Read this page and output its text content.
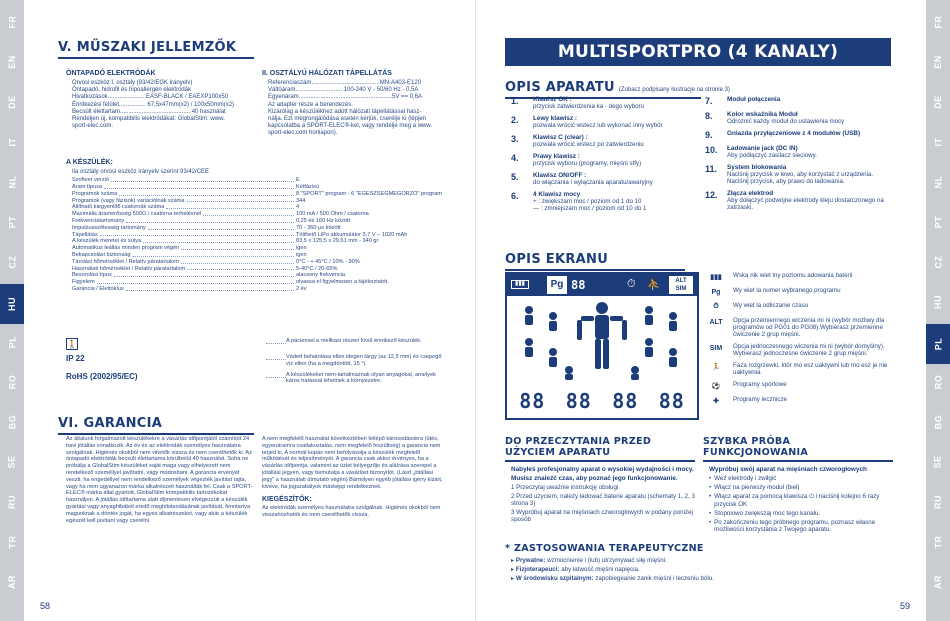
FR
EN
DE
IT
NL
PT
CZ
HU
PL
RO
BG
SE
RU
TR
AR
FR
EN
DE
IT
NL
PT
CZ
HU
PL
RO
BG
SE
RU
TR
AR
V. MŰSZAKI JELLEMZŐK
ÖNTAPADÓ ELEKTRÓDÁK
Orvosi eszköz I. osztály (93/42/EGK irányelv)
Öntapadó, hidrofil és hipoallergén elektródák
Hivatkozások.......................EASF-BLACK / EAEXP100x50
Érintkezési felület................ 67,5x47mm(x2) / 100x50mm(x2)
Becsült élettartam.......................................... 40 használat
Rendeljen új, kompatibilis elektródákat: GlobalStim; www.
sport-elec.com.
II. OSZTÁLYÚ HÁLÓZATI TÁPELLÁTÁS
Referenciaszám.........................................MN-A403-E120
Váltóáram............................ 100-240 V - 50/60 Hz - 0,5A
Egyenáram........................................................5V == 0,6A
Az adapter része a berendezés.
Kizárólag a készülékhez adott hálózati tápellátással hasz-
nálja. Ezt megrongálódása esetén kérjük, cserélje ki (lépjen
kapcsolatba a SPORT-ELEC®-kel, vagy rendelje meg a www.
sport-elec.com honlapon).
A KÉSZÜLÉK:
Ila osztály orvosi eszköz irányelv szerint 93/42/CEE
Szoftver verzió	E
Áram típusa	Kétfázisú
Programok száma	8 "SPORT" program - 6 "EGÉSZSÉGMEGŐRZŐ" program
Programok (vagy fázisok) variációinak száma	344
Állítható kiegyenlítő csatornák száma	4
Maximális áramerősség 500Ω / csatorna terhelésnél	100 mA / 500 Ohm / csatorna
Frekvenciatartomány	0,25 és 160 Hz között
Impulzusszélesség tartomány	70 - 360 μs között
Tápellátás	Tölthető LiPo akkumulátor 3,7 V – 1020 mAh
A készülék méretei és súlya	83,5 x 125,5 x 29,61 mm - 340 gr
Automatikus leállás minden program végén	igen
Bekapcsolási biztonság	igen
Tárolási hőmérséklet / Relatív páratartalom	0°C - + 45°C / 10% - 90%
Használati hőmérséklet / Relatív páratartalom	5-40°C / 20-65%
Besorolási típus	alacsony frekvencia
Figyelem	olvassa el figyelmesen a tájékoztatót.
Garancia / Élettoklus	2 év
🚶	A páciensel a mellkasi részen kívül érintkező készülék.
IP 22	Védett behatolása ellen idegen tárgy (az 12,5 mm) és csepegő víz ellen (ha a megdöntött, 15 °).
RoHS (2002/95/EC)	A készülékeket nem-tartalmaznak olyan anyagokat, amelyek káros hatással lehetnek a környezetre.
VI. GARANCIA
Az általunk forgalmazott készülékekre a vásárlás időpontjától számított 24 havi jótállás vonatkozik. Az év és az elektródák személyes használatra szolgálnak. Higiénés okokból nem vihetők vissza és nem cserélhetők ki. Az öntapadó elektródák becsült élettartama körülbelül 40 használat. Soha ne próbálja a GlobalStim készüléket saját maga vagy elhelyezett nem rendelkező személlyel javíttatni, vagy módosítani. A garancia érvényét veszti, ha engedéllyel nem rendelkező személyek végezték javítást rajta, vagy ha nem ugyanazon márka alkatrészeit használták fel. Csak a SPORT-ELEC® márka által gyártott, GlobalStim kompatibilis tartozékokat használjon. A jótállás idõtartama alatt díjmentesen elvégezzük a készülék gyártási vagy anyaghibából eredő meghibásodásának javítását, fenntartva magunknak a döntés jogát, ha egyes alkatrészeket, vagy akár a készülék egészét kell javítani vagy cserélni.
A nem megfelelő használat következtében fellépő károsodásokra (ütés, egyenáramra csatlakoztatás, nem megfelelő feszültség) a garancia nem terjed ki. A normál kopás nem befolyásolja a készülék megfelelő működését és teljesítményét. A garancia csak akkor érvényes, ha a vásárlás időpontja, valamint az üzlet bélyegzője és aláírása szerepel a jótállási jegyen, vagy bemutatja a vásárlást bizonyítót. (Lásd „jótállási jegy" a használati útmutató végén) Bármilyen egyéb jótállási igény kizárt, kivéve, ha jogszabályok másképp rendelkeznek.
KIEGÉSZÍTŐK:
Az elektródák személyes használatra szolgálnak. Higiénés okokból nem visszahozhatók és nem cserélhetők vissza.
58
MULTISPORTPRO (4 KANALY)
OPIS APARATU (Zobacz podpisany ilustracje na stronie 3)
1.	Klawisz OK :
przycisk zatwierdzenia ka - dego wyboru
2.	Lewy klawisz :
pozwala wrócić wstecz lub wykonać inny wybór
3.	Klawisz C (clear) :
pozwala wrócić wstecz po zatwierdzeniu
4.	Prawy klawisz :
przycisk wyboru (programy, mięśni stfy)
5.	Klawisz ON/OFF :
do włączania i wyłączania aparatu/awaryjny
6.	4 Klawisz mocy
+ : zwiększam moc / poziom od 1 do 10
— : zmniejszam moc / poziom od 10 do 1
7.	Moduł połączenia
8.	Kolor wskaźnika Moduł
Odróżnić każdy moduł do ustawienia mocy
9.	Gniazda przyłączeniowe z 4 modułów (USB)
10.	Ładowanie jack (DC IN)
Aby podłączyć zasilacz sieciowy.
11.	System blokowania
Naciśnij przycisk w lewo, aby korzystać z urządzenia. Naciśnij przycisk, aby prawo do ładowania.
12.	Złącza elektrod
Aby dołączyć podwójne elektrody kleju dostarczonego na zatrzaski.
OPIS EKRANU
▮▮▮	Pg 88	⏱ ⛹	ALT
SIM
88 88 88 88
▮▮▮	Wska nik wiet lny poziomu adowania baterii
Pg	Wy wiet la numer wybranego programu
⏱	Wy wiet la odliczanie czasu
ALT	Opcja przemiennego wiczenia mi ni (wybór możliwy dla programów od PG01 do PG08).Wybierasz przemienne ćwiczenie 2 grup mięśni.
SIM	Opcja jednoczesnego wiczenia mi ni (wybór domyślny). Wybierasz jednoczesne ćwiczenie 2 grup mięśni.
🏃	Faza rozgrzewki, któr mo esz uaktywni lub mo esz je nie uaktywnia
⚽	Programy sportowe
✚	Programy lecznicze
DO PRZECZYTANIA PRZED UŻYCIEM APARATU
Nabyłeś profesjonalny aparat o wysokiej wydajności i mocy.
Musisz znaleźć czas, aby poznać jego funkcjonowanie.
1 Przeczytaj uważnie instrukcję obsługi
2 Przed użyciem, należy ładować baterie aparatu (schematy 1, 2, 3 strona 3)
3 Wypróbuj aparat na mięśniach czworogłowych w podany poniżej sposób
SZYBKA PRÓBA FUNKCJONOWANIA
Wypróbuj swój aparat na mięśniach czworogłowych
• Weź elektrody i zwiłgić
• Włącz na pierwszy moduł (biel)
• Włącz aparat za pomocą klawisza ⏻ i naciśnij kolejno 6 razy przycisk OK
• Stopniowo zwiększaj moc tego kanału.
• Po zakończeniu tego próbnego programu, poznasz własne możliwości korzystania z Twojego aparatu.
* ZASTOSOWANIA TERAPEUTYCZNE
▸ Prywatne: wzmocnienie i (lub) utrzymywać siłę mięśni.
▸ Fizjoterapeuci: aby łatwość mięśni napięcia.
▸ W środowisku szpitalnym: zapobiegeanie zanik mięśni i leczeniu bólu.
59
